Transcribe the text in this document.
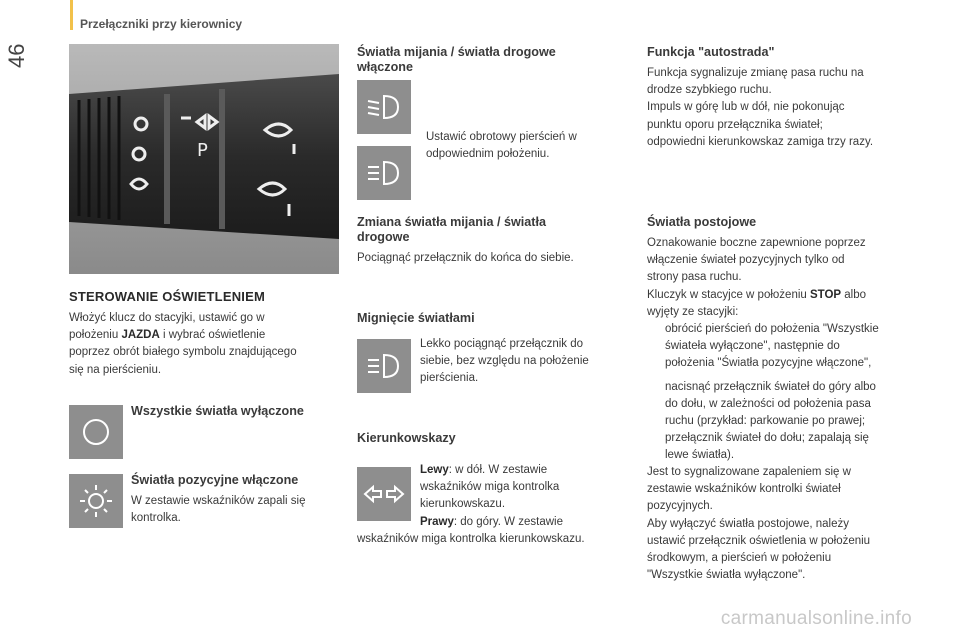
Przełączniki przy kierownicy
46
P
STEROWANIE OŚWIETLENIEM
Włożyć klucz do stacyjki, ustawić go w
położeniu JAZDA i wybrać oświetlenie
poprzez obrót białego symbolu znajdującego
się na pierścieniu.
Wszystkie światła wyłączone
Światła pozycyjne włączone
W zestawie wskaźników zapali się
kontrolka.
Światła mijania / światła drogowe
włączone
Ustawić obrotowy pierścień w
odpowiednim położeniu.
Zmiana światła mijania / światła
drogowe
Pociągnąć przełącznik do końca do siebie.
Mignięcie światłami
Lekko pociągnąć przełącznik do
siebie, bez względu na położenie
pierścienia.
Kierunkowskazy
Lewy: w dół. W zestawie
wskaźników miga kontrolka
kierunkowskazu.
Prawy: do góry. W zestawie
wskaźników miga kontrolka kierunkowskazu.
Funkcja "autostrada"
Funkcja sygnalizuje zmianę pasa ruchu na
drodze szybkiego ruchu.
Impuls w górę lub w dół, nie pokonując
punktu oporu przełącznika świateł;
odpowiedni kierunkowskaz zamiga trzy razy.
Światła postojowe
Oznakowanie boczne zapewnione poprzez
włączenie świateł pozycyjnych tylko od
strony pasa ruchu.
Kluczyk w stacyjce w położeniu STOP albo
wyjęty ze stacyjki:
obrócić pierścień do położenia "Wszystkie
świateła wyłączone", następnie do
położenia "Światła pozycyjne włączone",
nacisnąć przełącznik świateł do góry albo
do dołu, w zależności od położenia pasa
ruchu (przykład: parkowanie po prawej;
przełącznik świateł do dołu; zapalają się
lewe światła).
Jest to sygnalizowane zapaleniem się w
zestawie wskaźników kontrolki świateł
pozycyjnych.
Aby wyłączyć światła postojowe, należy
ustawić przełącznik oświetlenia w położeniu
środkowym, a pierścień w położeniu
"Wszystkie światła wyłączone".
carmanualsonline.info
